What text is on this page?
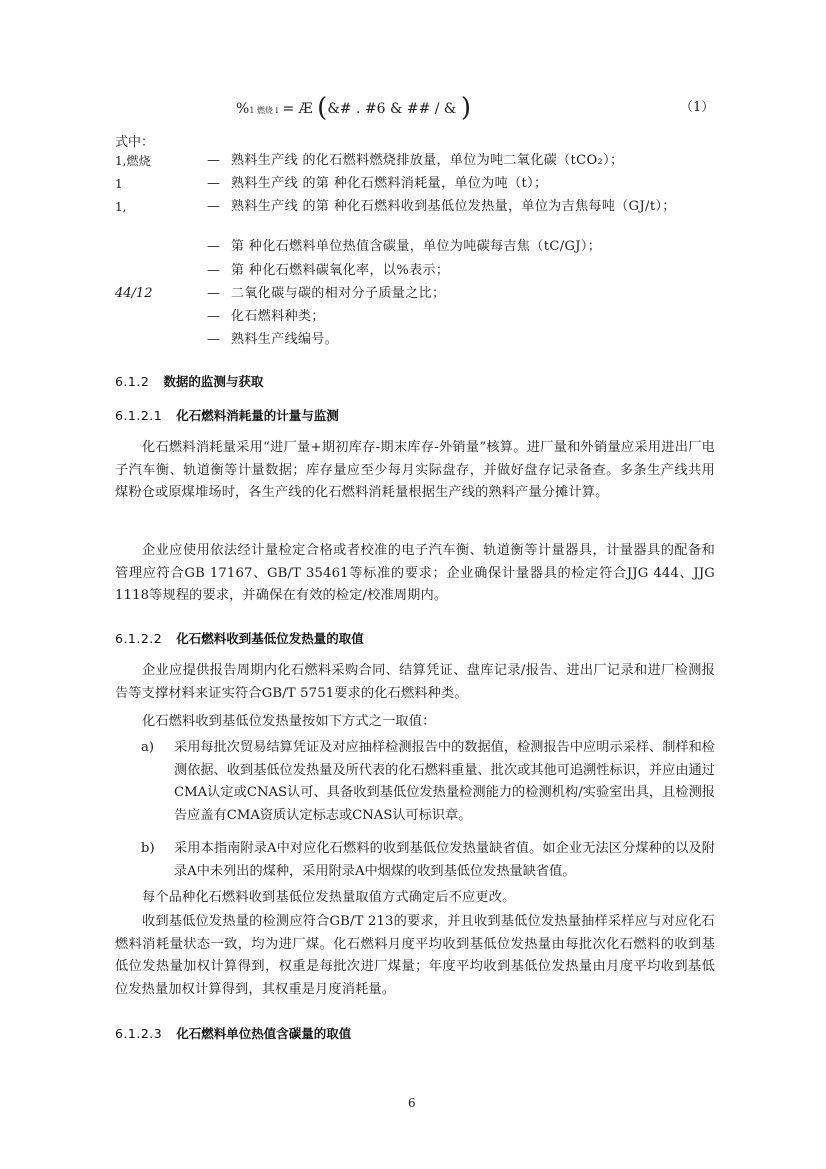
%1 燃烧 i = Æ (&# . #6 & ## / & )	（1）
式中：
1,燃烧	— 熟料生产线 的化石燃料燃烧排放量，单位为吨二氧化碳（tCO₂）；
1	— 熟料生产线 的第 种化石燃料消耗量，单位为吨（t）；
1,	— 熟料生产线 的第 种化石燃料收到基低位发热量，单位为吉焦每吨（GJ/t）；
— 第 种化石燃料单位热值含碳量，单位为吨碳每吉焦（tC/GJ）；
— 第 种化石燃料碳氧化率，以%表示；
44/12	— 二氧化碳与碳的相对分子质量之比；
— 化石燃料种类；
— 熟料生产线编号。
6.1.2 数据的监测与获取
6.1.2.1 化石燃料消耗量的计量与监测
化石燃料消耗量采用“进厂量+期初库存-期末库存-外销量”核算。进厂量和外销量应采用进出厂电子汽车衡、轨道衡等计量数据；库存量应至少每月实际盘存，并做好盘存记录备查。多条生产线共用煤粉仓或原煤堆场时，各生产线的化石燃料消耗量根据生产线的熟料产量分摊计算。
企业应使用依法经计量检定合格或者校准的电子汽车衡、轨道衡等计量器具，计量器具的配备和管理应符合GB 17167、GB/T 35461等标准的要求；企业确保计量器具的检定符合JJG 444、JJG 1118等规程的要求，并确保在有效的检定/校准周期内。
6.1.2.2 化石燃料收到基低位发热量的取值
企业应提供报告周期内化石燃料采购合同、结算凭证、盘库记录/报告、进出厂记录和进厂检测报告等支撑材料来证实符合GB/T 5751要求的化石燃料种类。
化石燃料收到基低位发热量按如下方式之一取值：
a) 采用每批次贸易结算凭证及对应抽样检测报告中的数据值，检测报告中应明示采样、制样和检测依据、收到基低位发热量及所代表的化石燃料重量、批次或其他可追溯性标识，并应由通过CMA认定或CNAS认可、具备收到基低位发热量检测能力的检测机构/实验室出具，且检测报告应盖有CMA资质认定标志或CNAS认可标识章。
b) 采用本指南附录A中对应化石燃料的收到基低位发热量缺省值。如企业无法区分煤种的以及附录A中未列出的煤种，采用附录A中烟煤的收到基低位发热量缺省值。
每个品种化石燃料收到基低位发热量取值方式确定后不应更改。
收到基低位发热量的检测应符合GB/T 213的要求，并且收到基低位发热量抽样采样应与对应化石燃料消耗量状态一致，均为进厂煤。化石燃料月度平均收到基低位发热量由每批次化石燃料的收到基低位发热量加权计算得到，权重是每批次进厂煤量；年度平均收到基低位发热量由月度平均收到基低位发热量加权计算得到，其权重是月度消耗量。
6.1.2.3 化石燃料单位热值含碳量的取值
6
